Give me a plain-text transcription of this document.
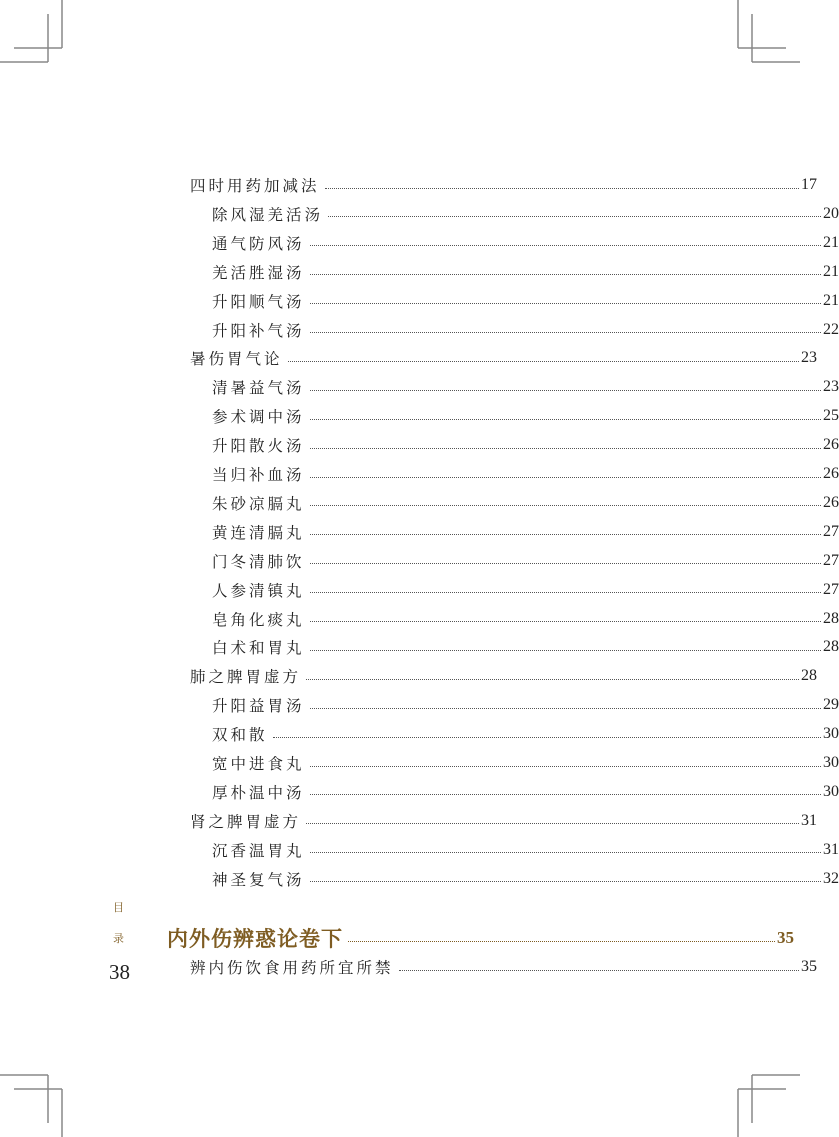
四时用药加减法	17
除风湿羌活汤	20
通气防风汤	21
羌活胜湿汤	21
升阳顺气汤	21
升阳补气汤	22
暑伤胃气论	23
清暑益气汤	23
参术调中汤	25
升阳散火汤	26
当归补血汤	26
朱砂凉膈丸	26
黄连清膈丸	27
门冬清肺饮	27
人参清镇丸	27
皂角化痰丸	28
白术和胃丸	28
肺之脾胃虚方	28
升阳益胃汤	29
双和散	30
宽中进食丸	30
厚朴温中汤	30
肾之脾胃虚方	31
沉香温胃丸	31
神圣复气汤	32
内外伤辨惑论卷下	35
辨内伤饮食用药所宜所禁	35
目
录
38
